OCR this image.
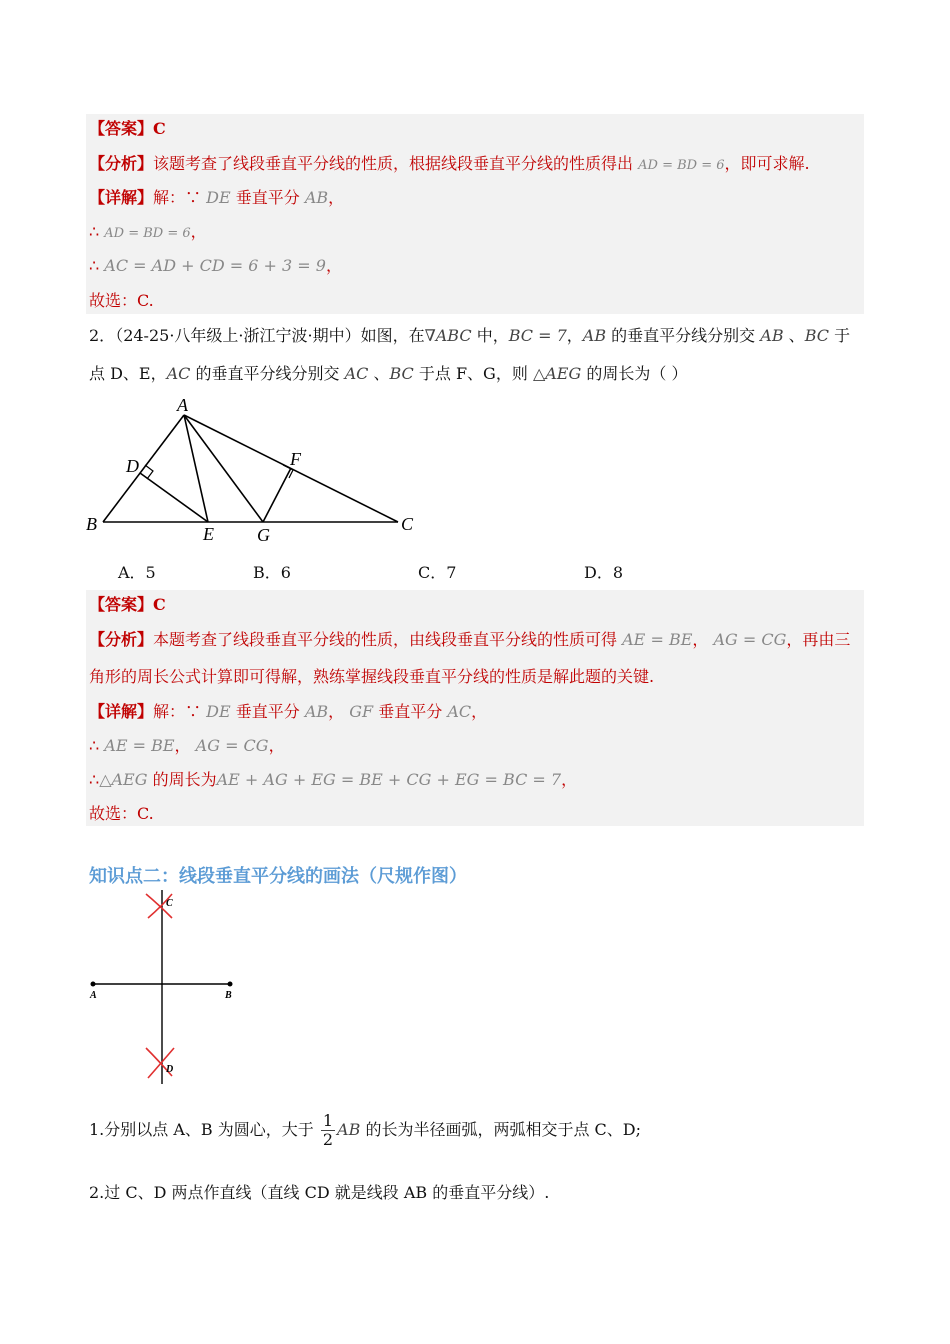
【答案】C
【分析】该题考查了线段垂直平分线的性质，根据线段垂直平分线的性质得出 AD = BD = 6，即可求解.
【详解】解：∵ DE 垂直平分 AB，
∴ AD = BD = 6，
∴ AC = AD + CD = 6 + 3 = 9，
故选：C.
2．（24-25·八年级上·浙江宁波·期中）如图，在∇ABC 中，BC = 7，AB 的垂直平分线分别交 AB 、BC 于
点 D、E，AC 的垂直平分线分别交 AC 、BC 于点 F、G，则 △AEG 的周长为（ ）
A
B	C
D
E
F
G
A．5	B．6	C．7	D．8
【答案】C
【分析】本题考查了线段垂直平分线的性质，由线段垂直平分线的性质可得 AE = BE， AG = CG，再由三
角形的周长公式计算即可得解，熟练掌握线段垂直平分线的性质是解此题的关键.
【详解】解：∵ DE 垂直平分 AB， GF 垂直平分 AC，
∴ AE = BE， AG = CG，
∴△AEG 的周长为AE + AG + EG = BE + CG + EG = BC = 7，
故选：C.
知识点二：线段垂直平分线的画法（尺规作图）
C
A	B
D
1.分别以点 A、B 为圆心，大于 $\frac{1}{2}$ AB 的长为半径画弧，两弧相交于点 C、D;
2.过 C、D 两点作直线（直线 CD 就是线段 AB 的垂直平分线）.
